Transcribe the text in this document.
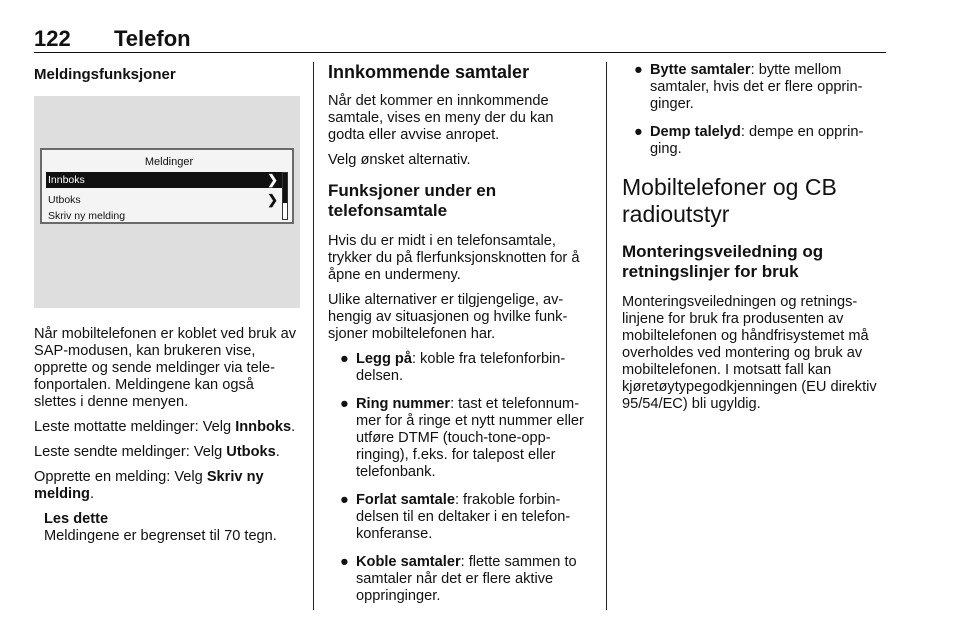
122 Telefon
Meldingsfunksjoner
Meldinger
Innboks	❯
Utboks	❯
Skriv ny melding

Når mobiltelefonen er koblet ved bruk av SAP-modusen, kan brukeren vise, opprette og sende meldinger via telefonportalen. Meldingene kan også slettes i denne menyen.

Leste mottatte meldinger: Velg Innboks.

Leste sendte meldinger: Velg Utboks.

Opprette en melding: Velg Skriv ny melding.

Les dette
Meldingene er begrenset til 70 tegn.
Innkommende samtaler

Når det kommer en innkommende samtale, vises en meny der du kan godta eller avvise anropet.

Velg ønsket alternativ.

Funksjoner under en telefonsamtale

Hvis du er midt i en telefonsamtale, trykker du på flerfunksjonsknotten for å åpne en undermeny.

Ulike alternativer er tilgjengelige, avhengig av situasjonen og hvilke funksjoner mobiltelefonen har.

● Legg på: koble fra telefonforbindelsen.
● Ring nummer: tast et telefonnummer for å ringe et nytt nummer eller utføre DTMF (touch-tone-oppringing), f.eks. for talepost eller telefonbank.
● Forlat samtale: frakoble forbindelsen til en deltaker i en telefonkonferanse.
● Koble samtaler: flette sammen to samtaler når det er flere aktive oppringinger.
● Bytte samtaler: bytte mellom samtaler, hvis det er flere oppringinger.
● Demp talelyd: dempe en oppringing.
Mobiltelefoner og CB radioutstyr
Monteringsveiledning og retningslinjer for bruk

Monteringsveiledningen og retningslinjene for bruk fra produsenten av mobiltelefonen og håndfrisystemet må overholdes ved montering og bruk av mobiltelefonen. I motsatt fall kan kjøretøytypegodkjenningen (EU direktiv 95/54/EC) bli ugyldig.
